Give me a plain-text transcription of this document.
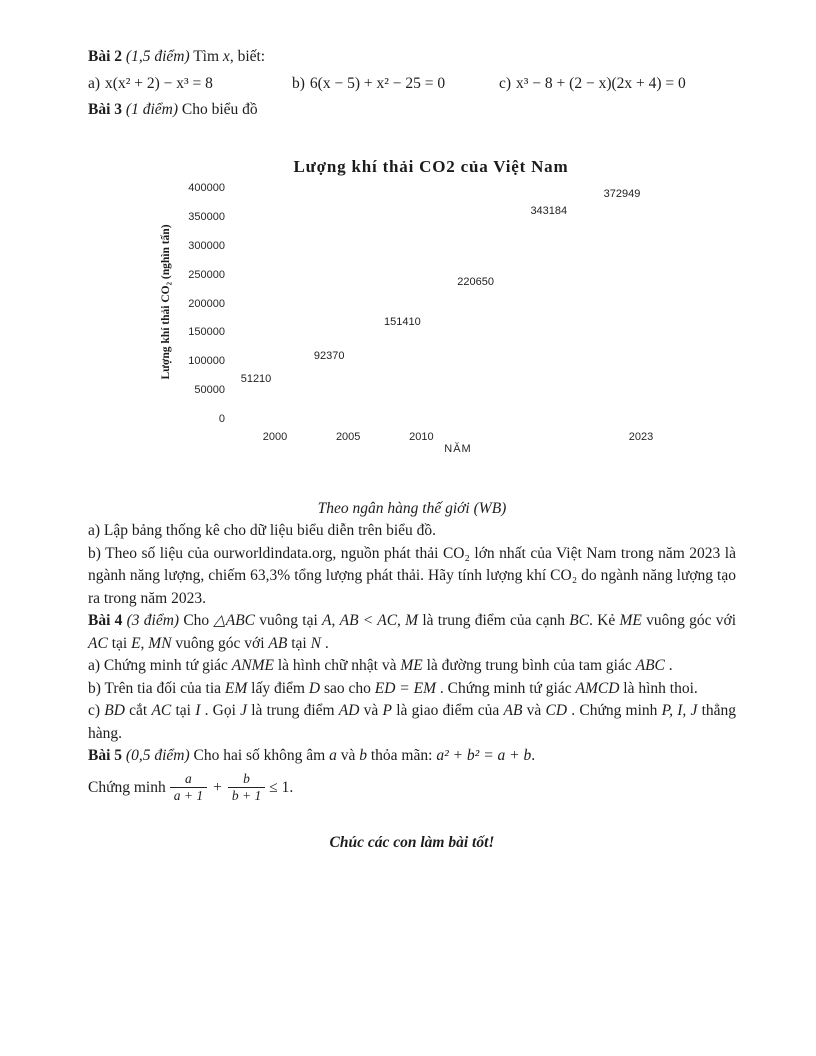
Bài 2 (1,5 điểm) Tìm x, biết:
a) x(x² + 2) − x³ = 8	b) 6(x − 5) + x² − 25 = 0	c) x³ − 8 + (2 − x)(2x + 4) = 0
Bài 3 (1 điểm) Cho biểu đồ
Lượng khí thải CO2 của Việt Nam
Lượng khí thải CO₂ (nghìn tấn)
NĂM
0
50000
100000
150000
200000
250000
300000
350000
400000
2000	2005	2010	2023
51210
92370
151410
220650
343184
372949
Theo ngân hàng thế giới (WB)
a) Lập bảng thống kê cho dữ liệu biểu diễn trên biểu đồ.
b) Theo số liệu của ourworldindata.org, nguồn phát thải CO₂ lớn nhất của Việt Nam trong năm 2023 là ngành năng lượng, chiếm 63,3% tổng lượng phát thải. Hãy tính lượng khí CO₂ do ngành năng lượng tạo ra trong năm 2023.
Bài 4 (3 điểm) Cho △ABC vuông tại A, AB < AC, M là trung điểm của cạnh BC. Kẻ ME vuông góc với AC tại E, MN vuông góc với AB tại N .
a) Chứng minh tứ giác ANME là hình chữ nhật và ME là đường trung bình của tam giác ABC .
b) Trên tia đối của tia EM lấy điểm D sao cho ED = EM . Chứng minh tứ giác AMCD là hình thoi.
c) BD cắt AC tại I . Gọi J là trung điểm AD và P là giao điểm của AB và CD . Chứng minh P, I, J thẳng hàng.
Bài 5 (0,5 điểm) Cho hai số không âm a và b thỏa mãn: a² + b² = a + b.
Chứng minh $\frac{a}{a + 1} + \frac{b}{b + 1} \le 1$.
Chúc các con làm bài tốt!
